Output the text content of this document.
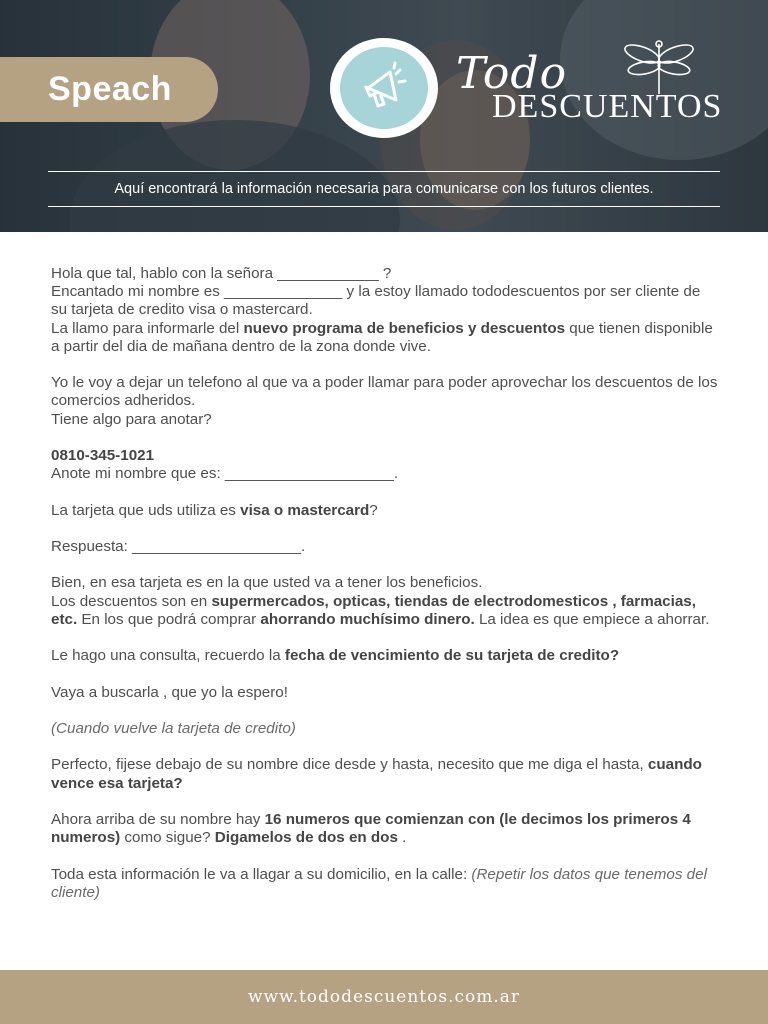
Speach	Todo
DESCUENTOS
Aquí encontrará la información necesaria para comunicarse con los futuros clientes.

Hola que tal, hablo con la señora ____________ ?
Encantado mi nombre es ______________ y la estoy llamado tododescuentos por ser cliente de su tarjeta de credito visa o mastercard.
La llamo para informarle del nuevo programa de beneficios y descuentos que tienen disponible a partir del dia de mañana dentro de la zona donde vive.

Yo le voy a dejar un telefono al que va a poder llamar para poder aprovechar los descuentos de los comercios adheridos.
Tiene algo para anotar?

0810-345-1021
Anote mi nombre que es: ____________________.

La tarjeta que uds utiliza es visa o mastercard?

Respuesta: ____________________.

Bien, en esa tarjeta es en la que usted va a tener los beneficios.
Los descuentos son en supermercados, opticas, tiendas de electrodomesticos , farmacias, etc. En los que podrá comprar ahorrando muchísimo dinero. La idea es que empiece a ahorrar.

Le hago una consulta, recuerdo la fecha de vencimiento de su tarjeta de credito?

Vaya a buscarla , que yo la espero!

(Cuando vuelve la tarjeta de credito)

Perfecto, fijese debajo de su nombre dice desde y hasta, necesito que me diga el hasta, cuando vence esa tarjeta?

Ahora arriba de su nombre hay 16 numeros que comienzan con (le decimos los primeros 4 numeros) como sigue? Digamelos de dos en dos .

Toda esta información le va a llagar a su domicilio, en la calle: (Repetir los datos que tenemos del cliente)

www.tododescuentos.com.ar
